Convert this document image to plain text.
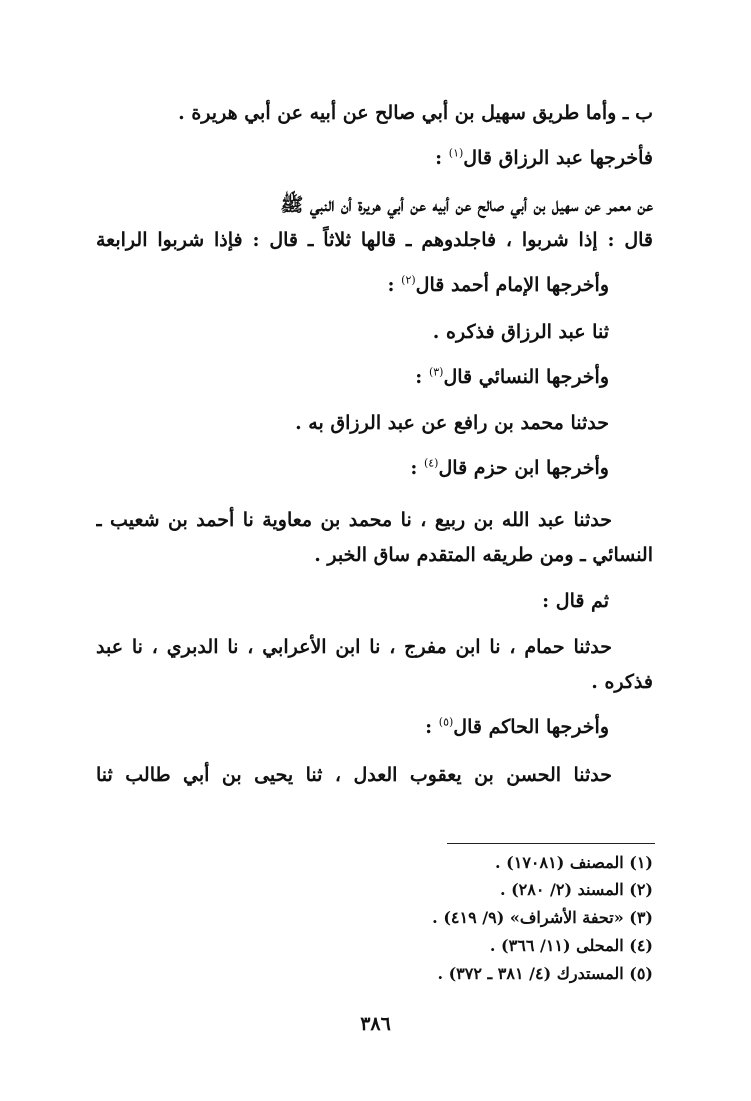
ب ـ وأما طريق سهيل بن أبي صالح عن أبيه عن أبي هريرة .
فأخرجها عبد الرزاق قال$^{(١)}$ :
عن معمر عن سهيل بن أبي صالح عن أبيه عن أبي هريرة أن النبي ﷺ
قال : إذا شربوا ، فاجلدوهم ـ قالها ثلاثاً ـ قال : فإذا شربوا الرابعة
وأخرجها الإمام أحمد قال$^{(٢)}$ :
ثنا عبد الرزاق فذكره .
وأخرجها النسائي قال$^{(٣)}$ :
حدثنا محمد بن رافع عن عبد الرزاق به .
وأخرجها ابن حزم قال$^{(٤)}$ :
حدثنا عبد الله بن ربيع ، نا محمد بن معاوية نا أحمد بن شعيب ـ
النسائي ـ ومن طريقه المتقدم ساق الخبر .
ثم قال :
حدثنا حمام ، نا ابن مفرج ، نا ابن الأعرابي ، نا الدبري ، نا عبد
فذكره .
وأخرجها الحاكم قال$^{(٥)}$ :
حدثنا الحسن بن يعقوب العدل ، ثنا يحيى بن أبي طالب ثنا
(١) المصنف (١٧٠٨١) .
(٢) المسند (٢/ ٢٨٠) .
(٣) «تحفة الأشراف» (٩/ ٤١٩) .
(٤) المحلى (١١/ ٣٦٦) .
(٥) المستدرك (٤/ ٣٨١ ـ ٣٧٢) .
٣٨٦
